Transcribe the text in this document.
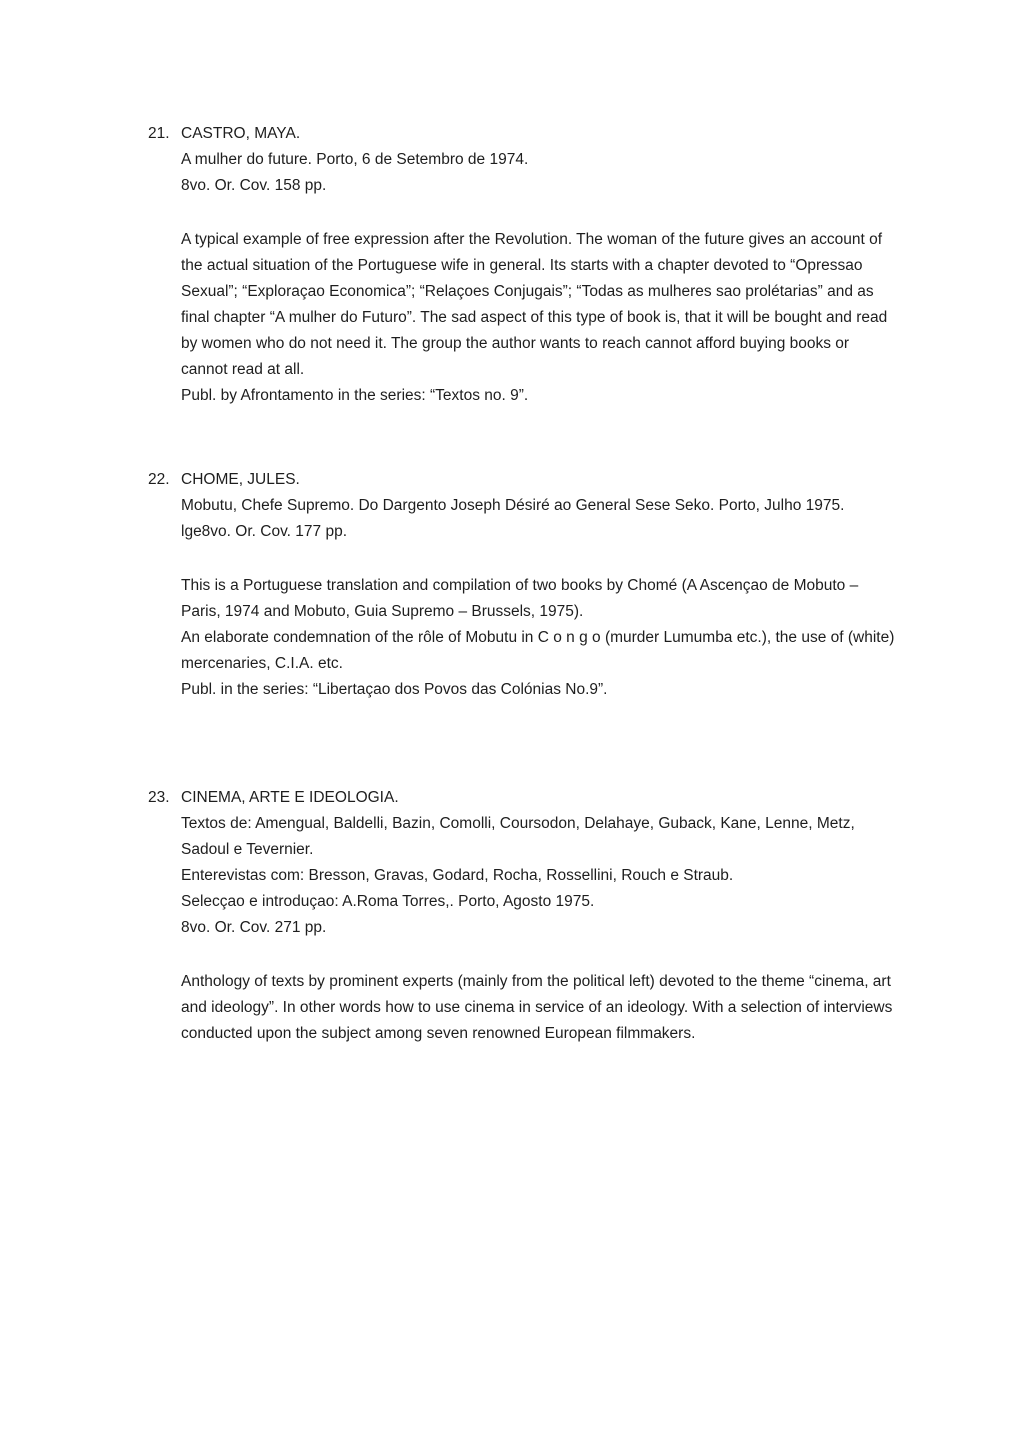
21. CASTRO, MAYA.
A mulher do future. Porto, 6 de Setembro de 1974.
8vo. Or. Cov. 158 pp.
A typical example of free expression after the Revolution. The woman of the future gives an account of the actual situation of the Portuguese wife in general. Its starts with a chapter devoted to “Opressao Sexual”; “Exploraçao Economica”; “Relaçoes Conjugais”; “Todas as mulheres sao prolétarias” and as final chapter “A mulher do Futuro”. The sad aspect of this type of book is, that it will be bought and read by women who do not need it. The group the author wants to reach cannot afford buying books or cannot read at all.
Publ. by Afrontamento in the series: “Textos no. 9”.
22. CHOME, JULES.
Mobutu, Chefe Supremo. Do Dargento Joseph Désiré ao General Sese Seko. Porto, Julho 1975.
lge8vo. Or. Cov. 177 pp.
This is a Portuguese translation and compilation of two books by Chomé (A Ascençao de Mobuto – Paris, 1974 and Mobuto, Guia Supremo – Brussels, 1975).
An elaborate condemnation of the rôle of Mobutu in C o n g o (murder Lumumba etc.), the use of (white) mercenaries, C.I.A. etc.
Publ. in the series: “Libertaçao dos Povos das Colónias No.9”.
23. CINEMA, ARTE E IDEOLOGIA.
Textos de: Amengual, Baldelli, Bazin, Comolli, Coursodon, Delahaye, Guback, Kane, Lenne, Metz, Sadoul e Tevernier.
Enterevistas com: Bresson, Gravas, Godard, Rocha, Rossellini, Rouch e Straub.
Selecçao e introduçao: A.Roma Torres,. Porto, Agosto 1975.
8vo. Or. Cov. 271 pp.
Anthology of texts by prominent experts (mainly from the political left) devoted to the theme “cinema, art and ideology”. In other words how to use cinema in service of an ideology. With a selection of interviews conducted upon the subject among seven renowned European filmmakers.
